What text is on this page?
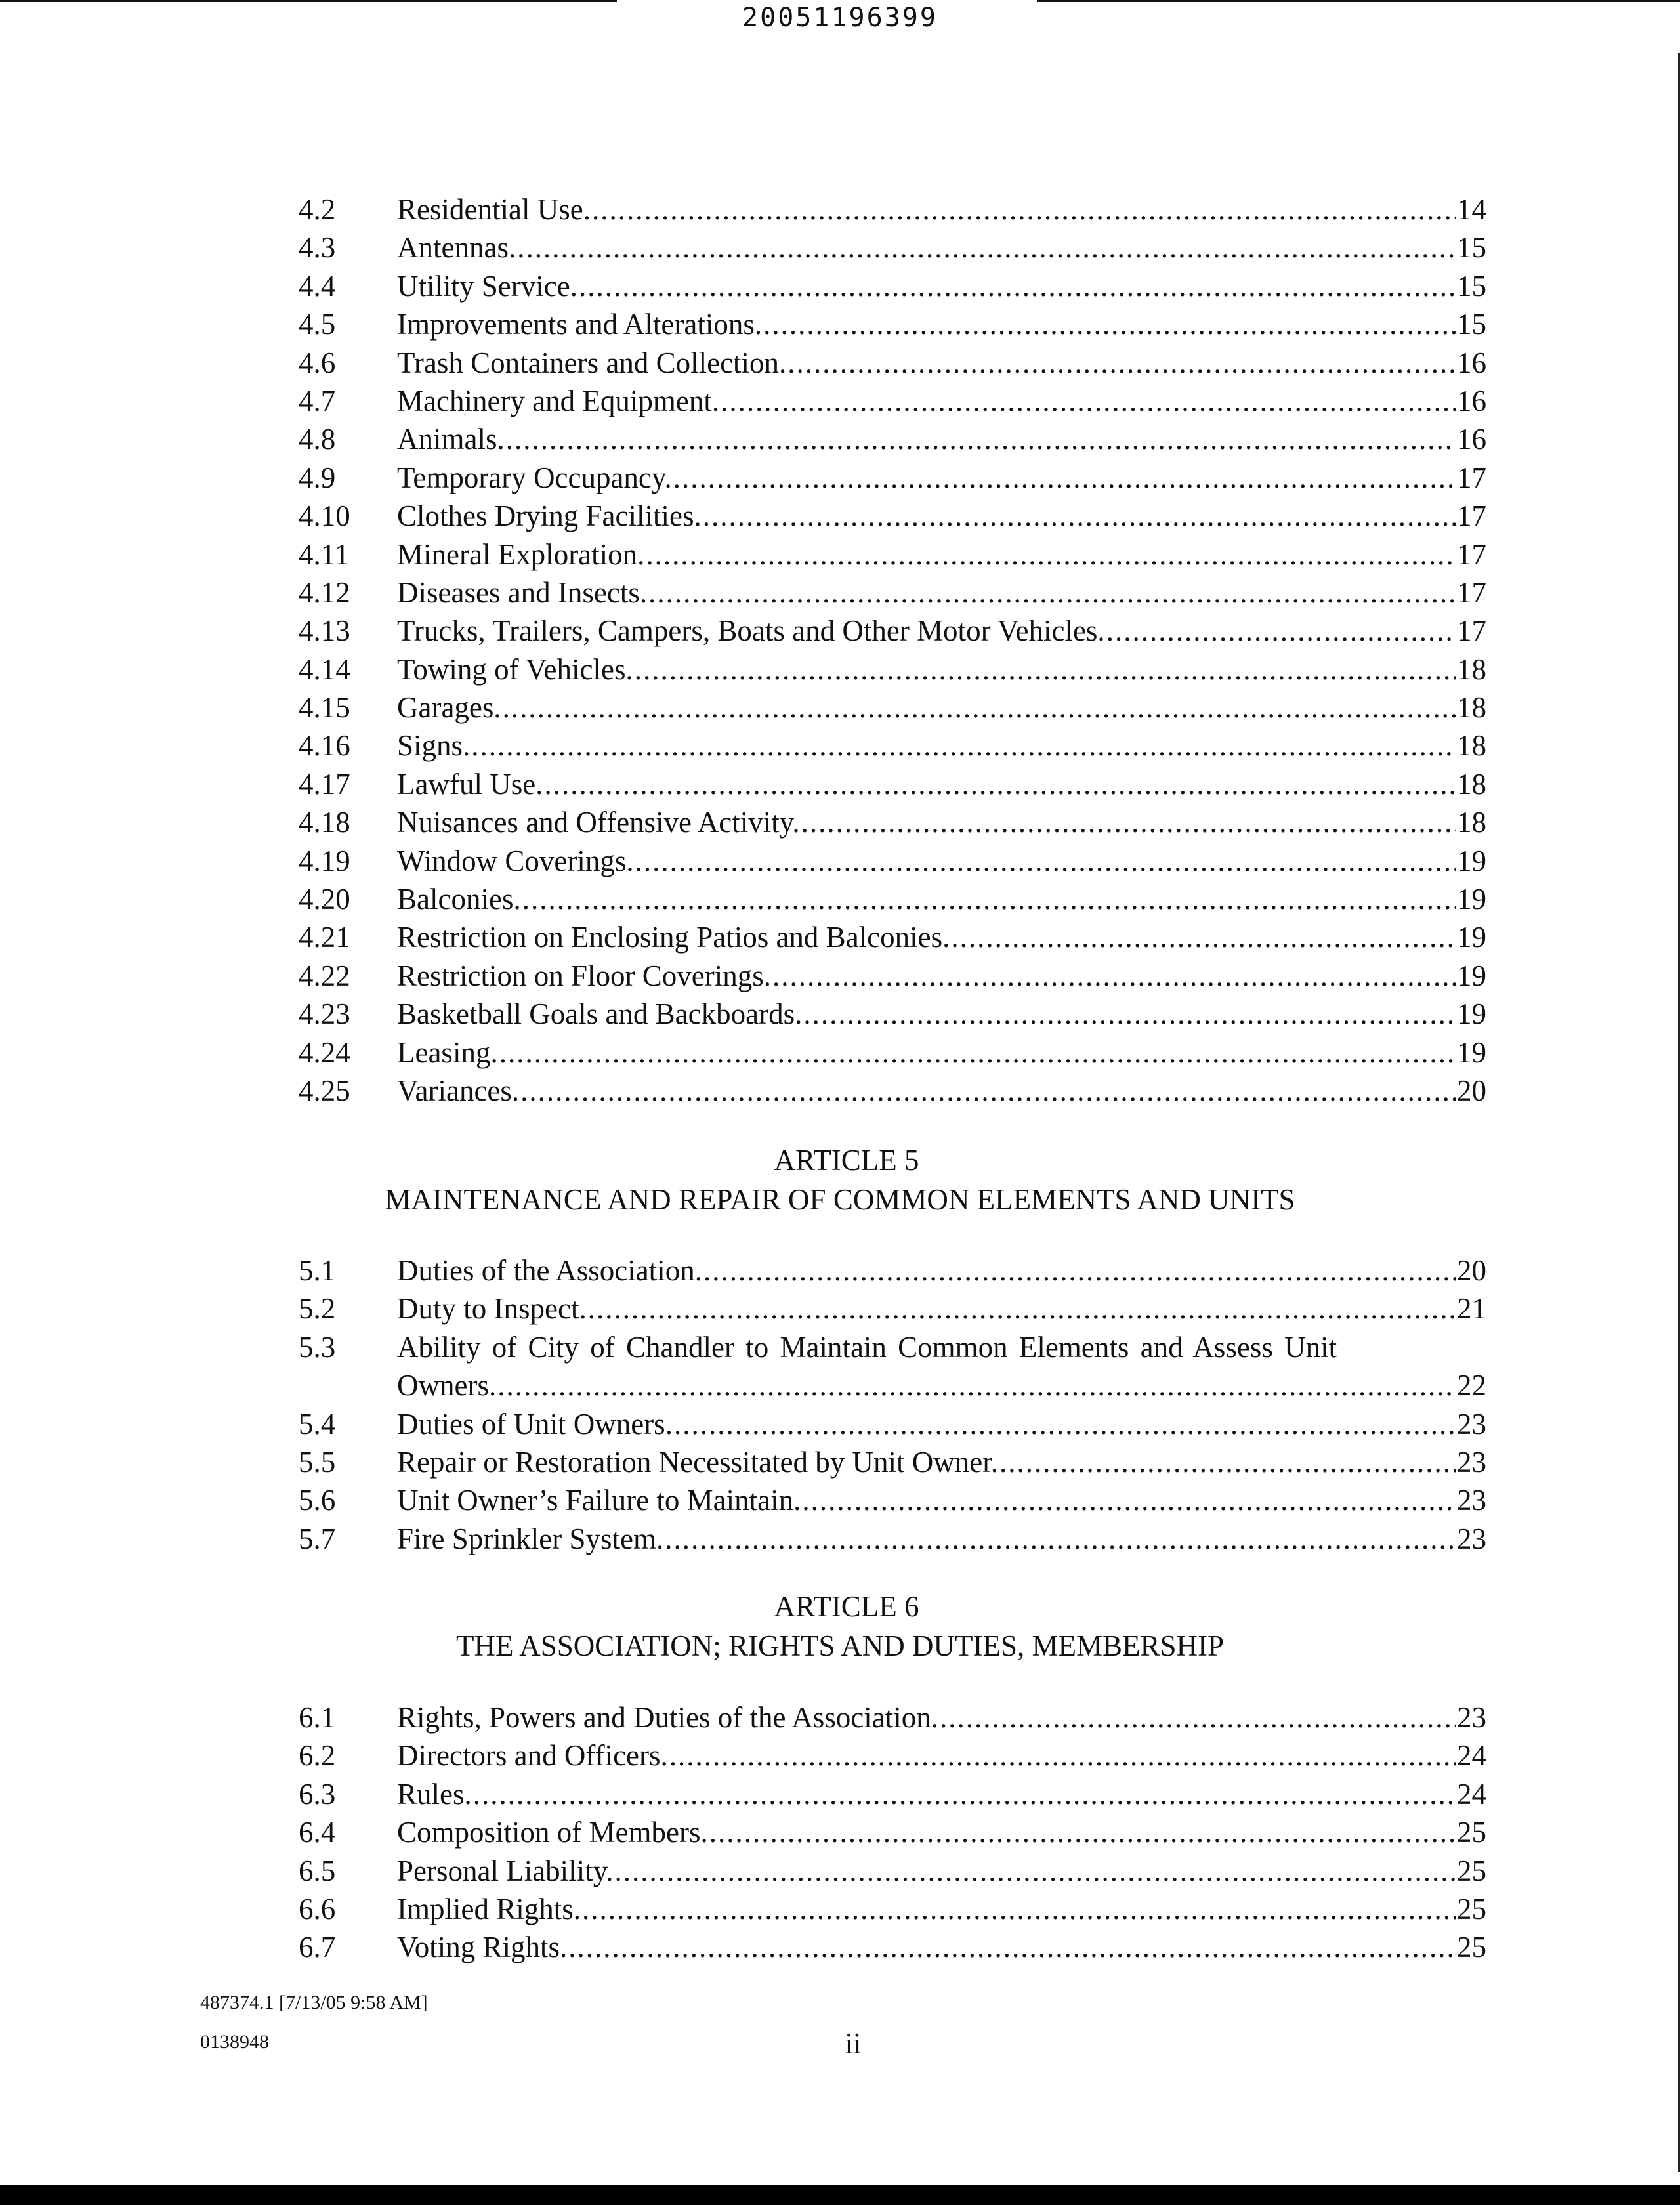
20051196399
4.2	Residential Use. .....	14
4.3	Antennas. .....	15
4.4	Utility Service. .....	15
4.5	Improvements and Alterations. .....	15
4.6	Trash Containers and Collection. .....	16
4.7	Machinery and Equipment. .....	16
4.8	Animals. .....	16
4.9	Temporary Occupancy. .....	17
4.10	Clothes Drying Facilities. .....	17
4.11	Mineral Exploration. .....	17
4.12	Diseases and Insects. .....	17
4.13	Trucks, Trailers, Campers, Boats and Other Motor Vehicles. .....	17
4.14	Towing of Vehicles. .....	18
4.15	Garages. .....	18
4.16	Signs. .....	18
4.17	Lawful Use. .....	18
4.18	Nuisances and Offensive Activity. .....	18
4.19	Window Coverings. .....	19
4.20	Balconies. .....	19
4.21	Restriction on Enclosing Patios and Balconies. .....	19
4.22	Restriction on Floor Coverings. .....	19
4.23	Basketball Goals and Backboards. .....	19
4.24	Leasing. .....	19
4.25	Variances. .....	20
ARTICLE 5
MAINTENANCE AND REPAIR OF COMMON ELEMENTS AND UNITS
5.1	Duties of the Association. .....	20
5.2	Duty to Inspect. .....	21
5.3	Ability of City of Chandler to Maintain Common Elements and Assess Unit
Owners. .....	22
5.4	Duties of Unit Owners. .....	23
5.5	Repair or Restoration Necessitated by Unit Owner. .....	23
5.6	Unit Owner’s Failure to Maintain. .....	23
5.7	Fire Sprinkler System. .....	23
ARTICLE 6
THE ASSOCIATION; RIGHTS AND DUTIES, MEMBERSHIP
6.1	Rights, Powers and Duties of the Association. .....	23
6.2	Directors and Officers. .....	24
6.3	Rules. .....	24
6.4	Composition of Members. .....	25
6.5	Personal Liability. .....	25
6.6	Implied Rights. .....	25
6.7	Voting Rights. .....	25
487374.1 [7/13/05 9:58 AM]
0138948	ii
